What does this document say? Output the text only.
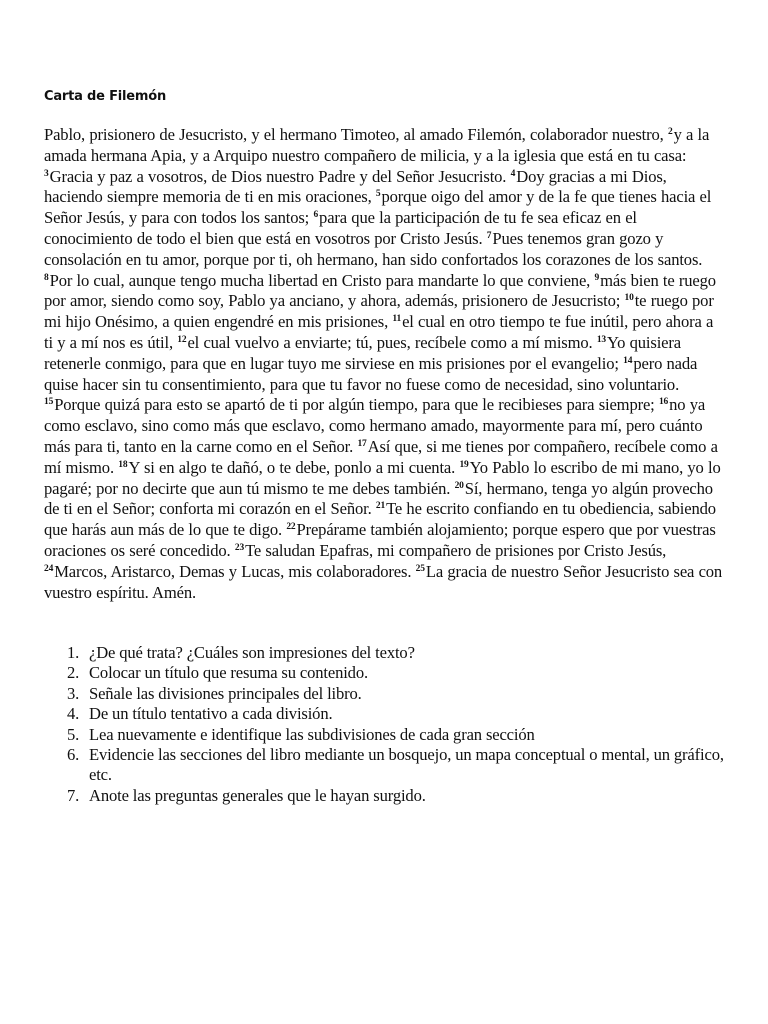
Carta de Filemón

Pablo, prisionero de Jesucristo, y el hermano Timoteo, al amado Filemón, colaborador nuestro, $^2$y a la amada hermana Apia, y a Arquipo nuestro compañero de milicia, y a la iglesia que está en tu casa: $^3$Gracia y paz a vosotros, de Dios nuestro Padre y del Señor Jesucristo. $^4$Doy gracias a mi Dios, haciendo siempre memoria de ti en mis oraciones, $^5$porque oigo del amor y de la fe que tienes hacia el Señor Jesús, y para con todos los santos; $^6$para que la participación de tu fe sea eficaz en el conocimiento de todo el bien que está en vosotros por Cristo Jesús. $^7$Pues tenemos gran gozo y consolación en tu amor, porque por ti, oh hermano, han sido confortados los corazones de los santos. $^8$Por lo cual, aunque tengo mucha libertad en Cristo para mandarte lo que conviene, $^9$más bien te ruego por amor, siendo como soy, Pablo ya anciano, y ahora, además, prisionero de Jesucristo; $^{10}$te ruego por mi hijo Onésimo, a quien engendré en mis prisiones, $^{11}$el cual en otro tiempo te fue inútil, pero ahora a ti y a mí nos es útil, $^{12}$el cual vuelvo a enviarte; tú, pues, recíbele como a mí mismo. $^{13}$Yo quisiera retenerle conmigo, para que en lugar tuyo me sirviese en mis prisiones por el evangelio; $^{14}$pero nada quise hacer sin tu consentimiento, para que tu favor no fuese como de necesidad, sino voluntario. $^{15}$Porque quizá para esto se apartó de ti por algún tiempo, para que le recibieses para siempre; $^{16}$no ya como esclavo, sino como más que esclavo, como hermano amado, mayormente para mí, pero cuánto más para ti, tanto en la carne como en el Señor. $^{17}$Así que, si me tienes por compañero, recíbele como a mí mismo. $^{18}$Y si en algo te dañó, o te debe, ponlo a mi cuenta. $^{19}$Yo Pablo lo escribo de mi mano, yo lo pagaré; por no decirte que aun tú mismo te me debes también. $^{20}$Sí, hermano, tenga yo algún provecho de ti en el Señor; conforta mi corazón en el Señor. $^{21}$Te he escrito confiando en tu obediencia, sabiendo que harás aun más de lo que te digo. $^{22}$Prepárame también alojamiento; porque espero que por vuestras oraciones os seré concedido. $^{23}$Te saludan Epafras, mi compañero de prisiones por Cristo Jesús, $^{24}$Marcos, Aristarco, Demas y Lucas, mis colaboradores. $^{25}$La gracia de nuestro Señor Jesucristo sea con vuestro espíritu. Amén.

1. ¿De qué trata? ¿Cuáles son impresiones del texto?
2. Colocar un título que resuma su contenido.
3. Señale las divisiones principales del libro.
4. De un título tentativo a cada división.
5. Lea nuevamente e identifique las subdivisiones de cada gran sección
6. Evidencie las secciones del libro mediante un bosquejo, un mapa conceptual o mental, un gráfico, etc.
7. Anote las preguntas generales que le hayan surgido.
